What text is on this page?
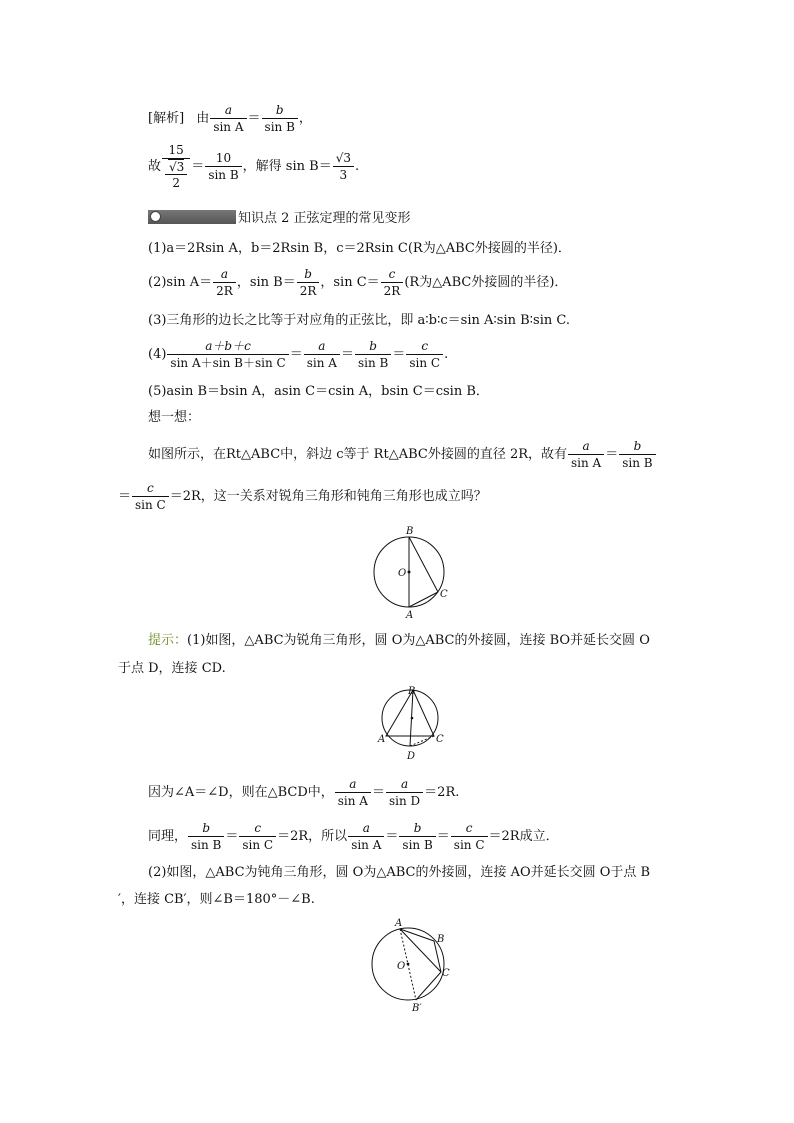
[解析] 由 $\frac{a}{\text{sin A}} = \frac{b}{\text{sin B}}$ ，
故 $\frac{15}{\frac{√3}{2}} = \frac{10}{\text{sin B}}$ ，解得 $\sin B= \frac{√3}{3}$ .
知识点 2 正弦定理的常见变形
(1)a＝2Rsin A，b＝2Rsin B，c＝2Rsin C(R为△ABC外接圆的半径)．
(2)sin $A= \frac{a}{2R}$ ，$\sin B= \frac{b}{2R}$ ，$\sin C= \frac{c}{2R} (R$为△ABC外接圆的半径)．
(3)三角形的边长之比等于对应角的正弦比，即 a∶b∶c＝sin A∶sin B∶sin C.
$(4) \frac{a+b+c}{\text{sin A＋sin B＋sin C}} = \frac{a}{\text{sin A}} = \frac{b}{\text{sin B}} = \frac{c}{\text{sin C}}$ .
(5)asin B＝bsin A，asin C＝csin A，bsin C＝csin B．
想一想：
如图所示，在Rt△ABC中，斜边 c等于 Rt△ABC外接圆的直径 2R，故有 $\frac{a}{\text{sin A}} = \frac{b}{\text{sin B}}$
＝ $\frac{c}{\text{sin C}} =2R$，这一关系对锐角三角形和钝角三角形也成立吗？
B
O
C
A
提示：(1)如图，△ABC为锐角三角形，圆 O为△ABC的外接圆，连接 BO并延长交圆 O
于点 D，连接 CD.
B
A	C
D
因为∠A＝∠D，则在△BCD中， $\frac{a}{\text{sin A}} = \frac{a}{\text{sin D}} =2R$.
同理， $\frac{b}{\text{sin B}} = \frac{c}{\text{sin C}} =2R$，所以 $\frac{a}{\text{sin A}} = \frac{b}{\text{sin B}} = \frac{c}{\text{sin C}} =2R$成立．
(2)如图，△ABC为钝角三角形，圆 O为△ABC的外接圆，连接 AO并延长交圆 O于点 B
′，连接 CB′，则∠B＝180°－∠B.
A
B
O
C
B′
